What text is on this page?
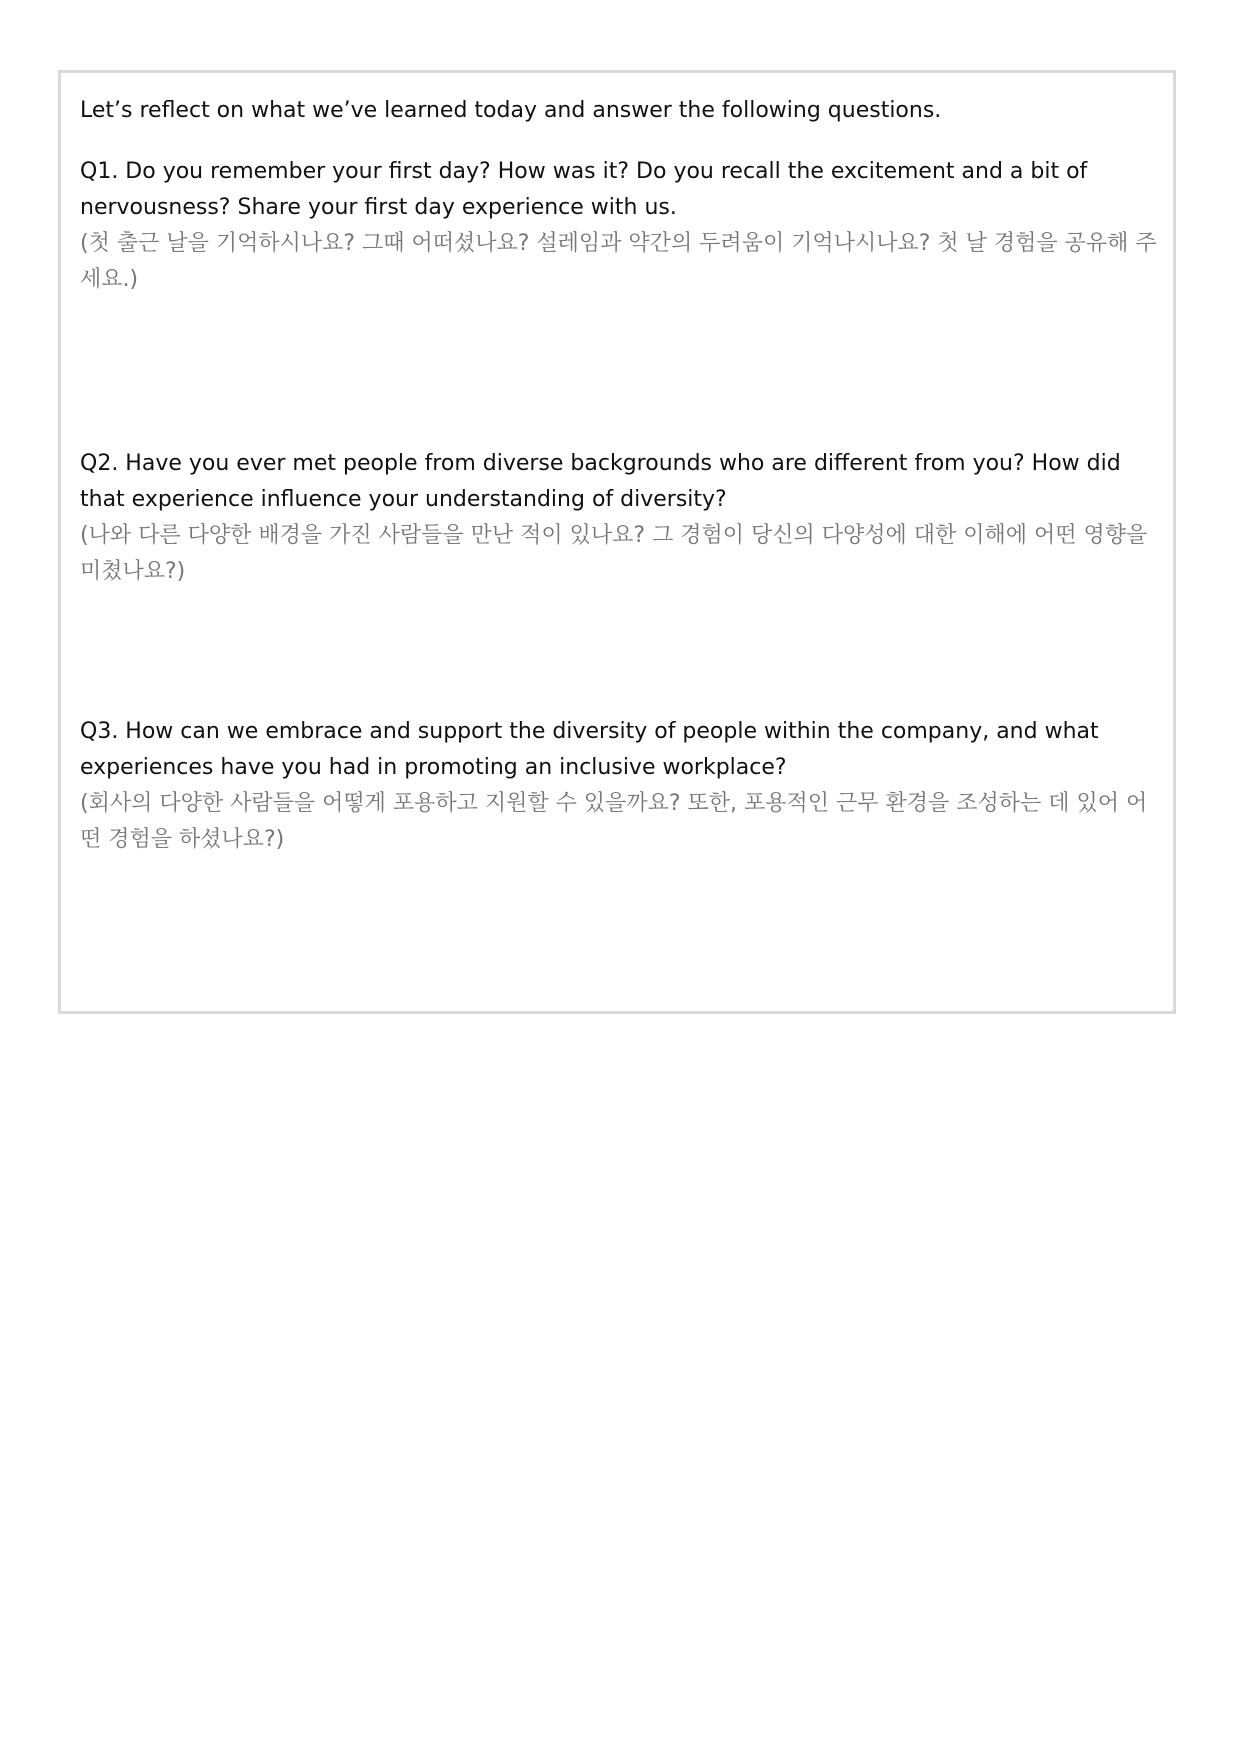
Let’s reflect on what we’ve learned today and answer the following questions.

Q1. Do you remember your first day? How was it? Do you recall the excitement and a bit of nervousness? Share your first day experience with us.

(첫 출근 날을 기억하시나요? 그때 어떠셨나요? 설레임과 약간의 두려움이 기억나시나요? 첫 날 경험을 공유해 주세요.)

Q2. Have you ever met people from diverse backgrounds who are different from you? How did that experience influence your understanding of diversity?

(나와 다른 다양한 배경을 가진 사람들을 만난 적이 있나요? 그 경험이 당신의 다양성에 대한 이해에 어떤 영향을 미쳤나요?)

Q3. How can we embrace and support the diversity of people within the company, and what experiences have you had in promoting an inclusive workplace?

(회사의 다양한 사람들을 어떻게 포용하고 지원할 수 있을까요? 또한, 포용적인 근무 환경을 조성하는 데 있어 어떤 경험을 하셨나요?)
